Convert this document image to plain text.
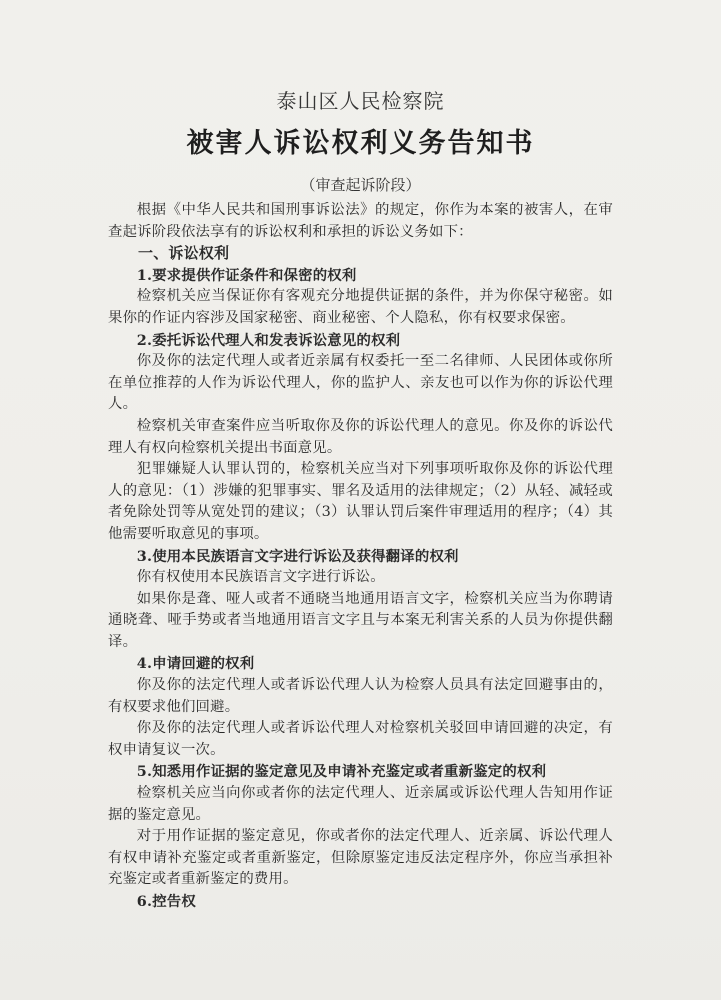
泰山区人民检察院
被害人诉讼权利义务告知书
（审查起诉阶段）

根据《中华人民共和国刑事诉讼法》的规定，你作为本案的被害人，在审查起诉阶段依法享有的诉讼权利和承担的诉讼义务如下：

一、诉讼权利

1.要求提供作证条件和保密的权利

检察机关应当保证你有客观充分地提供证据的条件，并为你保守秘密。如果你的作证内容涉及国家秘密、商业秘密、个人隐私，你有权要求保密。

2.委托诉讼代理人和发表诉讼意见的权利

你及你的法定代理人或者近亲属有权委托一至二名律师、人民团体或你所在单位推荐的人作为诉讼代理人，你的监护人、亲友也可以作为你的诉讼代理人。

检察机关审查案件应当听取你及你的诉讼代理人的意见。你及你的诉讼代理人有权向检察机关提出书面意见。

犯罪嫌疑人认罪认罚的，检察机关应当对下列事项听取你及你的诉讼代理人的意见：（1）涉嫌的犯罪事实、罪名及适用的法律规定；（2）从轻、减轻或者免除处罚等从宽处罚的建议；（3）认罪认罚后案件审理适用的程序；（4）其他需要听取意见的事项。

3.使用本民族语言文字进行诉讼及获得翻译的权利

你有权使用本民族语言文字进行诉讼。

如果你是聋、哑人或者不通晓当地通用语言文字，检察机关应当为你聘请通晓聋、哑手势或者当地通用语言文字且与本案无利害关系的人员为你提供翻译。

4.申请回避的权利

你及你的法定代理人或者诉讼代理人认为检察人员具有法定回避事由的，有权要求他们回避。

你及你的法定代理人或者诉讼代理人对检察机关驳回申请回避的决定，有权申请复议一次。

5.知悉用作证据的鉴定意见及申请补充鉴定或者重新鉴定的权利

检察机关应当向你或者你的法定代理人、近亲属或诉讼代理人告知用作证据的鉴定意见。

对于用作证据的鉴定意见，你或者你的法定代理人、近亲属、诉讼代理人有权申请补充鉴定或者重新鉴定，但除原鉴定违反法定程序外，你应当承担补充鉴定或者重新鉴定的费用。

6.控告权
